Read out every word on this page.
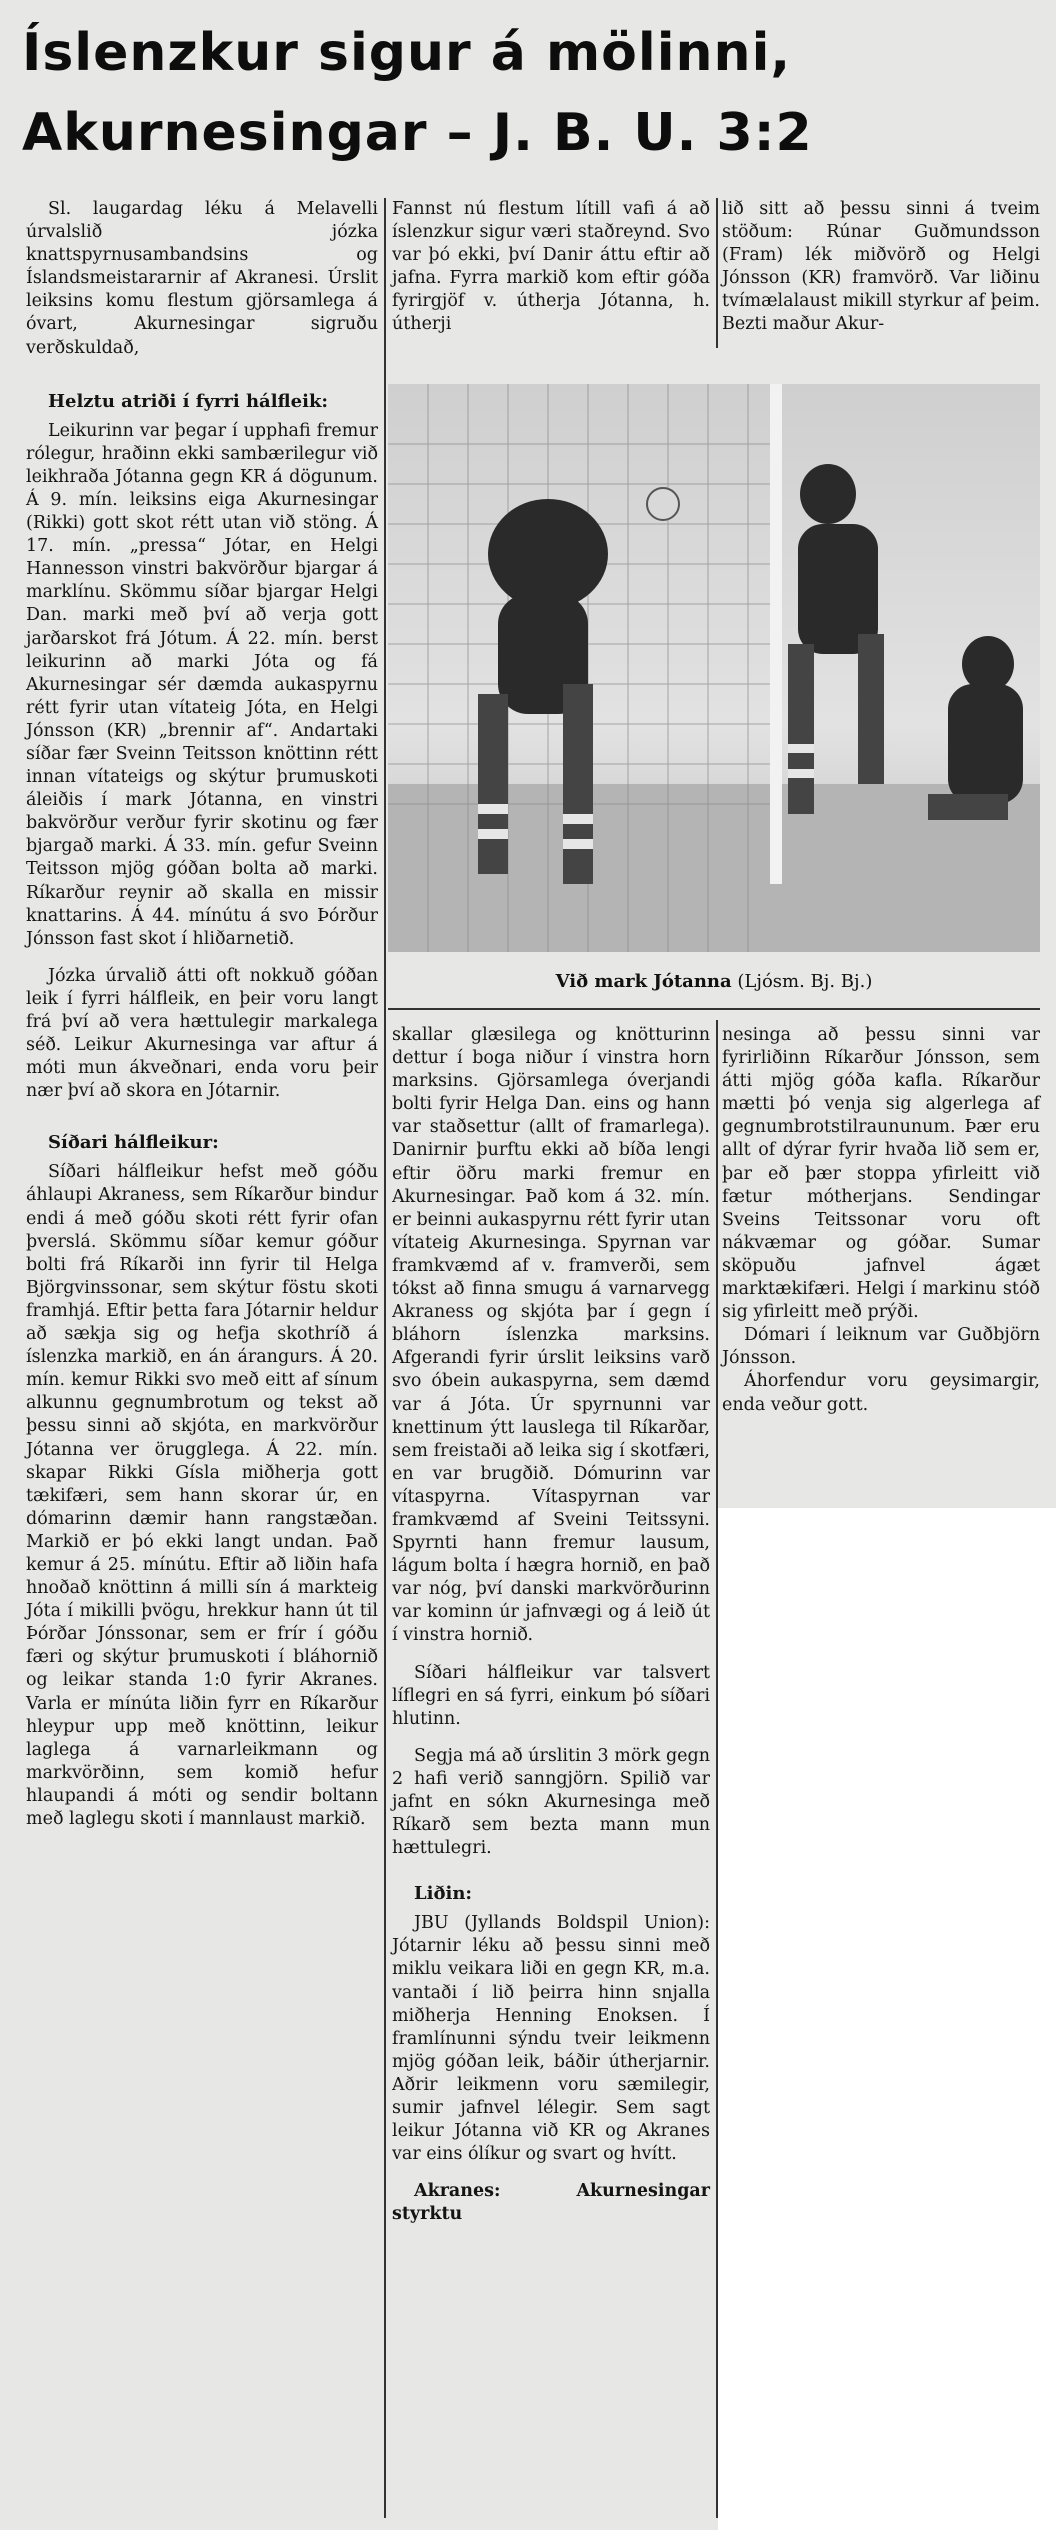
Íslenzkur sigur á mölinni,
Akurnesingar – J. B. U. 3:2

Sl. laugardag léku á Melavelli úrvalslið józka knattspyrnusambandsins og Íslandsmeistararnir af Akranesi. Úrslit leiksins komu flestum gjörsamlega á óvart, Akurnesingar sigruðu verðskuldað,

Helztu atriði í fyrri hálfleik:

Leikurinn var þegar í upphafi fremur rólegur, hraðinn ekki sambærilegur við leikhraða Jótanna gegn KR á dögunum. Á 9. mín. leiksins eiga Akurnesingar (Rikki) gott skot rétt utan við stöng. Á 17. mín. „pressa“ Jótar, en Helgi Hannesson vinstri bakvörður bjargar á marklínu. Skömmu síðar bjargar Helgi Dan. marki með því að verja gott jarðarskot frá Jótum. Á 22. mín. berst leikurinn að marki Jóta og fá Akurnesingar sér dæmda aukaspyrnu rétt fyrir utan vítateig Jóta, en Helgi Jónsson (KR) „brennir af“. Andartaki síðar fær Sveinn Teitsson knöttinn rétt innan vítateigs og skýtur þrumuskoti áleiðis í mark Jótanna, en vinstri bakvörður verður fyrir skotinu og fær bjargað marki. Á 33. mín. gefur Sveinn Teitsson mjög góðan bolta að marki. Ríkarður reynir að skalla en missir knattarins. Á 44. mínútu á svo Þórður Jónsson fast skot í hliðarnetið.

Józka úrvalið átti oft nokkuð góðan leik í fyrri hálfleik, en þeir voru langt frá því að vera hættulegir markalega séð. Leikur Akurnesinga var aftur á móti mun ákveðnari, enda voru þeir nær því að skora en Jótarnir.

Síðari hálfleikur:

Síðari hálfleikur hefst með góðu áhlaupi Akraness, sem Ríkarður bindur endi á með góðu skoti rétt fyrir ofan þverslá. Skömmu síðar kemur góður bolti frá Ríkarði inn fyrir til Helga Björgvinssonar, sem skýtur föstu skoti framhjá. Eftir þetta fara Jótarnir heldur að sækja sig og hefja skothríð á íslenzka markið, en án árangurs. Á 20. mín. kemur Rikki svo með eitt af sínum alkunnu gegnumbrotum og tekst að þessu sinni að skjóta, en markvörður Jótanna ver örugglega. Á 22. mín. skapar Rikki Gísla miðherja gott tækifæri, sem hann skorar úr, en dómarinn dæmir hann rangstæðan. Markið er þó ekki langt undan. Það kemur á 25. mínútu. Eftir að liðin hafa hnoðað knöttinn á milli sín á markteig Jóta í mikilli þvögu, hrekkur hann út til Þórðar Jónssonar, sem er frír í góðu færi og skýtur þrumuskoti í bláhornið og leikar standa 1:0 fyrir Akranes. Varla er mínúta liðin fyrr en Ríkarður hleypur upp með knöttinn, leikur laglega á varnarleikmann og markvörðinn, sem komið hefur hlaupandi á móti og sendir boltann með laglegu skoti í mannlaust markið.

Fannst nú flestum lítill vafi á að íslenzkur sigur væri staðreynd. Svo var þó ekki, því Danir áttu eftir að jafna. Fyrra markið kom eftir góða fyrirgjöf v. útherja Jótanna, h. útherji

lið sitt að þessu sinni á tveim stöðum: Rúnar Guðmundsson (Fram) lék miðvörð og Helgi Jónsson (KR) framvörð. Var liðinu tvímælalaust mikill styrkur af þeim. Bezti maður Akur-

Við mark Jótanna (Ljósm. Bj. Bj.)

skallar glæsilega og knötturinn dettur í boga niður í vinstra horn marksins. Gjörsamlega óverjandi bolti fyrir Helga Dan. eins og hann var staðsettur (allt of framarlega). Danirnir þurftu ekki að bíða lengi eftir öðru marki fremur en Akurnesingar. Það kom á 32. mín. er beinni aukaspyrnu rétt fyrir utan vítateig Akurnesinga. Spyrnan var framkvæmd af v. framverði, sem tókst að finna smugu á varnarvegg Akraness og skjóta þar í gegn í bláhorn íslenzka marksins. Afgerandi fyrir úrslit leiksins varð svo óbein aukaspyrna, sem dæmd var á Jóta. Úr spyrnunni var knettinum ýtt lauslega til Ríkarðar, sem freistaði að leika sig í skotfæri, en var brugðið. Dómurinn var vítaspyrna. Vítaspyrnan var framkvæmd af Sveini Teitssyni. Spyrnti hann fremur lausum, lágum bolta í hægra hornið, en það var nóg, því danski markvörðurinn var kominn úr jafnvægi og á leið út í vinstra hornið.

Síðari hálfleikur var talsvert líflegri en sá fyrri, einkum þó síðari hlutinn.

Segja má að úrslitin 3 mörk gegn 2 hafi verið sanngjörn. Spilið var jafnt en sókn Akurnesinga með Ríkarð sem bezta mann mun hættulegri.

Liðin:

JBU (Jyllands Boldspil Union): Jótarnir léku að þessu sinni með miklu veikara liði en gegn KR, m.a. vantaði í lið þeirra hinn snjalla miðherja Henning Enoksen. Í framlínunni sýndu tveir leikmenn mjög góðan leik, báðir útherjarnir. Aðrir leikmenn voru sæmilegir, sumir jafnvel lélegir. Sem sagt leikur Jótanna við KR og Akranes var eins ólíkur og svart og hvítt.

Akranes: Akurnesingar styrktu

nesinga að þessu sinni var fyrirliðinn Ríkarður Jónsson, sem átti mjög góða kafla. Ríkarður mætti þó venja sig algerlega af gegnumbrotstilraununum. Þær eru allt of dýrar fyrir hvaða lið sem er, þar eð þær stoppa yfirleitt við fætur mótherjans. Sendingar Sveins Teitssonar voru oft nákvæmar og góðar. Sumar sköpuðu jafnvel ágæt marktækifæri. Helgi í markinu stóð sig yfirleitt með prýði.

Dómari í leiknum var Guðbjörn Jónsson.

Áhorfendur voru geysimargir, enda veður gott.
